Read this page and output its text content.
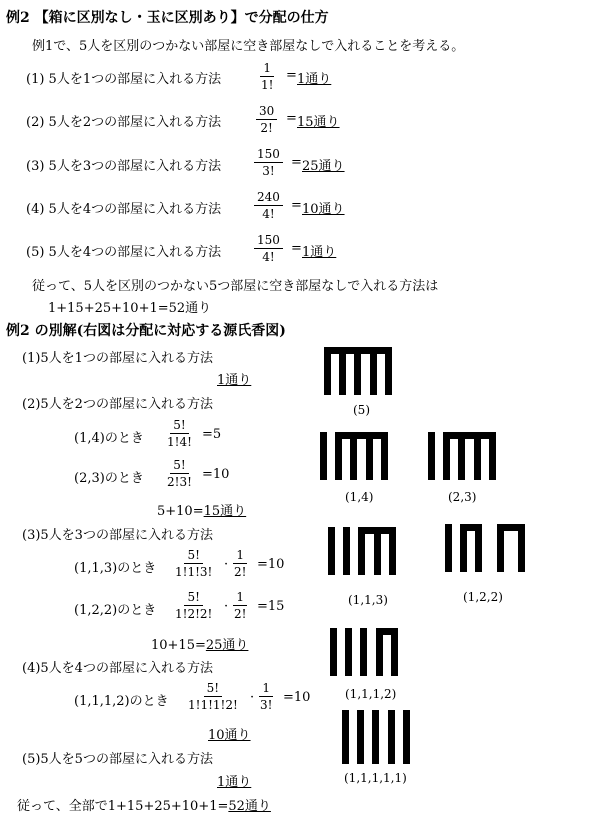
例2 【箱に区別なし・玉に区別あり】で分配の仕方
例1で、5人を区別のつかない部屋に空き部屋なしで入れることを考える。
(1) 5人を1つの部屋に入れる方法	$\frac{1}{1!} = 1$通り
(2) 5人を2つの部屋に入れる方法	$\frac{30}{2!} = 15$通り
(3) 5人を3つの部屋に入れる方法	$\frac{150}{3!} = 25$通り
(4) 5人を4つの部屋に入れる方法	$\frac{240}{4!} = 10$通り
(5) 5人を4つの部屋に入れる方法	$\frac{150}{4!} = 1$通り
従って、5人を区別のつかない5つ部屋に空き部屋なしで入れる方法は
1+15+25+10+1=52通り
例2 の別解(右図は分配に対応する源氏香図)
(1)5人を1つの部屋に入れる方法
1通り
(2)5人を2つの部屋に入れる方法
(1,4)のとき $\frac{5!}{1!4!} =5$
(2,3)のとき $\frac{5!}{2!3!} =10$
5+10=15通り
(3)5人を3つの部屋に入れる方法
(1,1,3)のとき $\frac{5!}{1!1!3!} \cdot \frac{1}{2!} =10$
(1,2,2)のとき $\frac{5!}{1!2!2!} \cdot \frac{1}{2!} =15$
10+15=25通り
(4)5人を4つの部屋に入れる方法
(1,1,1,2)のとき $\frac{5!}{1!1!1!2!} \cdot \frac{1}{3!} =10$
10通り
(5)5人を5つの部屋に入れる方法
1通り
従って、全部で1+15+25+10+1=52通り
(5)
(1,4)	(2,3)
(1,1,3)	(1,2,2)
(1,1,1,2)
(1,1,1,1,1)
